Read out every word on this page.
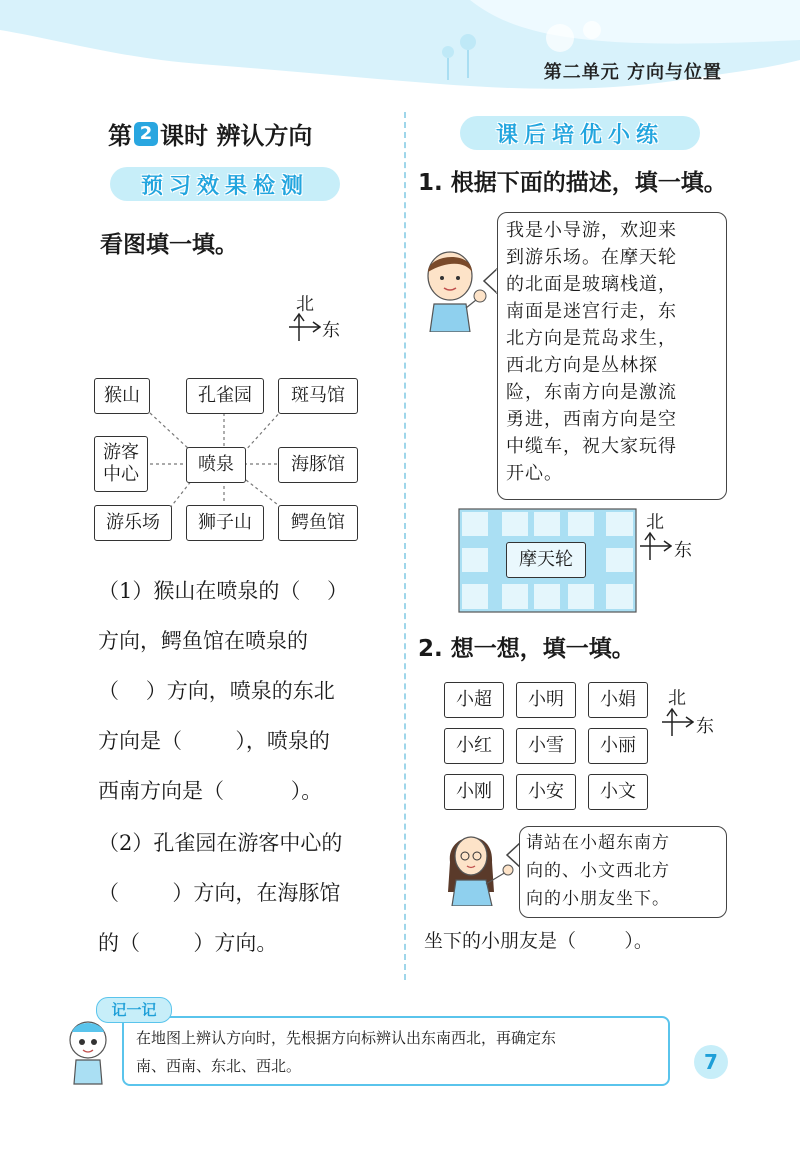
第二单元 方向与位置
第 2 课时 辨认方向
预习效果检测
看图填一填。
北
东
猴山	孔雀园	斑马馆
游客中心	喷泉	海豚馆
游乐场	狮子山	鳄鱼馆
（1）猴山在喷泉的（    ）
方向，鳄鱼馆在喷泉的
（    ）方向，喷泉的东北
方向是（        ），喷泉的
西南方向是（          ）。
（2）孔雀园在游客中心的
（        ）方向，在海豚馆
的（        ）方向。
课后培优小练
1. 根据下面的描述，填一填。
我是小导游，欢迎来
到游乐场。在摩天轮
的北面是玻璃栈道，
南面是迷宫行走，东
北方向是荒岛求生，
西北方向是丛林探
险，东南方向是激流
勇进，西南方向是空
中缆车，祝大家玩得
开心。
摩天轮
北
东
2. 想一想，填一填。
小超	小明	小娟
小红	小雪	小丽
小刚	小安	小文
北
东
请站在小超东南方
向的、小文西北方
向的小朋友坐下。
坐下的小朋友是（        ）。
在地图上辨认方向时，先根据方向标辨认出东南西北，再确定东
南、西南、东北、西北。
记一记
7
